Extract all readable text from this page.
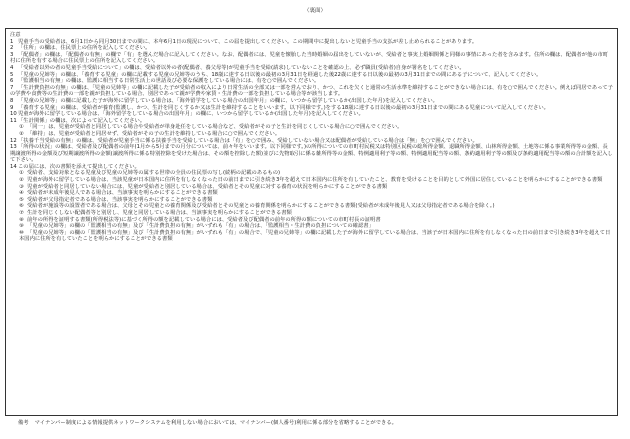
（裏面）

注意

1 児童手当の受給者は、6月1日から同月30日までの間に、本年6月1日の現況について、この届を提出してください。この期間中に提出しないと児童手当の支払が差し止められることがあります。

2 「住所」の欄は、住民票上の住所を記入してください。

3 「配偶者」の欄は、「配偶者の有無」の欄で「有」を選んだ場合に記入してください。なお、配偶者には、児童を懐胎した当時婚姻の届出をしていないが、受給者と事実上婚姻関係と同様の事情にあった者を含みます。住所の欄は、配偶者が他の市町村に住所を有する場合に住民票上の住所を記入してください。

4 「受給者以外の者の児童手当受給について」の欄は、受給者以外の者(配偶者、養父母等)が児童手当を受給(請求)していないことを確認の上、必ず職員(受給者)自身が署名をしてください。

5 「児童の兄姉等」の欄は、「養育する児童」の欄に記載する児童の兄姉等のうち、18歳に達する日以後の最初の3月31日を経過した後22歳に達する日以後の最初の3月31日までの間にある子について、記入してください。

6 「監護相当の有無」の欄は、監護に相当する日常生活上の世話及び必要な保護をしている場合には、有を○で囲んでください。

7 「生計費負担の有無」の欄は、「児童の兄姉等」の欄に記載した子が受給者の収入により日常生活の全部又は一部を営んでおり、かつ、これを欠くと通常の生活水準を維持することができない場合には、有を○で囲んでください。例えば同居であって子の学費や食費等の生計費の一部を親が負担している場合、別居であって親が学費や家賃・生計費の一部を負担している場合等が該当します。

8 「児童の兄姉等」の欄に記載した子が海外に留学している場合は、「海外留学をしている場合の出国年月」の欄に、いつから留学しているか(出国した年月)を記入してください。

9 「養育する児童」の欄は、受給者が養育(監護し、かつ、生計を同じくするか又は生計を維持することをいいます。以下同様です。)をする18歳に達する日以後の最初の3月31日までの間にある児童について記入してください。

10児童が海外に留学している場合は、「海外留学をしている場合の出国年月」の欄に、いつから留学しているか(出国した年月)を記入してください。

11「生計関係」の欄は、次によって記入してください。

① 「同一」は、児童が受給者と同居している場合や受給者が単身赴任をしている場合など、受給者がその子と生計を同じくしている場合に○で囲んでください。

② 「維持」は、児童が受給者と同居せず、受給者がその子の生計を維持している場合に○で囲んでください。

12「扶養千当受給の有無」の欄は、受給者が児童手当に係る扶養手当を受給している場合は「有」を○で囲み、受給していない場合又は配偶者が受給している場合は「無」を○で囲んでください。

13「所得の状況」の欄は、受給者及び配偶者の前年(1月から5月までの月分については、前々年をいいます。以下同様です。)の所得についての市町村民税又は特別区民税の総所得金額、退職所得金額、山林所得金額、土地等に係る事業所得等の金額、長期譲渡所得の金額及び短期譲渡所得の金額(譲渡所得に係る特別控除を受けた場合は、その額を控除した額)並びに先物取引に係る雑所得等の金額、特例適用利子等の額、特例適用配当等の額、条約適用利子等の額及び条約適用配当等の額の合計額を記入して下さい。

14この届には、次の書類を添えて提出してください。

① 受給者、支給対象となる児童及び児童の兄姉等の属する世帯の全員の住民票の写し(続柄の記載のあるもの)

② 児童が海外に留学している場合は、当該児童が日本国内に住所を有しなくなった日の前日までに引き続き3年を超えて日本国内に住所を有していたこと、教育を受けることを目的として外国に居住していることを明らかにすることができる書類

③ 児童が受給者と同居していない場合には、児童が受給者と別居している場合は、受給者とその児童に対する養育の状況を明らかにすることができる書類

④ 受給者が未成年後見人である場合は、当該事実を明らかにすることができる書類

⑤ 受給者が父母指定者である場合は、当該事実を明らかにすることができる書類

⑥ 受給者が施設等の設置者である場合は、父母とその児童との養育関係及び受給者とその児童との養育関係を明らかにすることができる書類(受給者が未成年後見人又は父母指定者である場合を除く。)

⑦ 生計を同じくしない配偶者等と別居し、児童と同居している場合は、当該事実を明らかにすることができる書類

⑧ 前年の所得を証明する書類(所得税法等)に基づく所得の額を記載している場合には、受給者及び配偶者の前年の所得の額についての市町村長の証明書

⑨ 「児童の兄姉等」の欄の「監護相当の有無」及び「生計費負担の有無」がいずれも「有」の場合は、「監護相当・生計費の負担についての確認書」

⑩ 「児童の兄姉等」の欄の「監護相当の有無」及び「生計費負担の有無」がいずれも「有」の場合で、「児童の兄姉等」の欄に記載した子が海外に留学している場合は、当該子が日本国内に住所を有しなくなった日の前日まで引き続き3年を超えて日本国内に住所を有していたことを明らかにすることができる書類

備考 マイナンバー制度による情報提供ネットワークシステムを利用しない場合においては、マイナンバー(個人番号)利用に係る部分を省略することができる。
